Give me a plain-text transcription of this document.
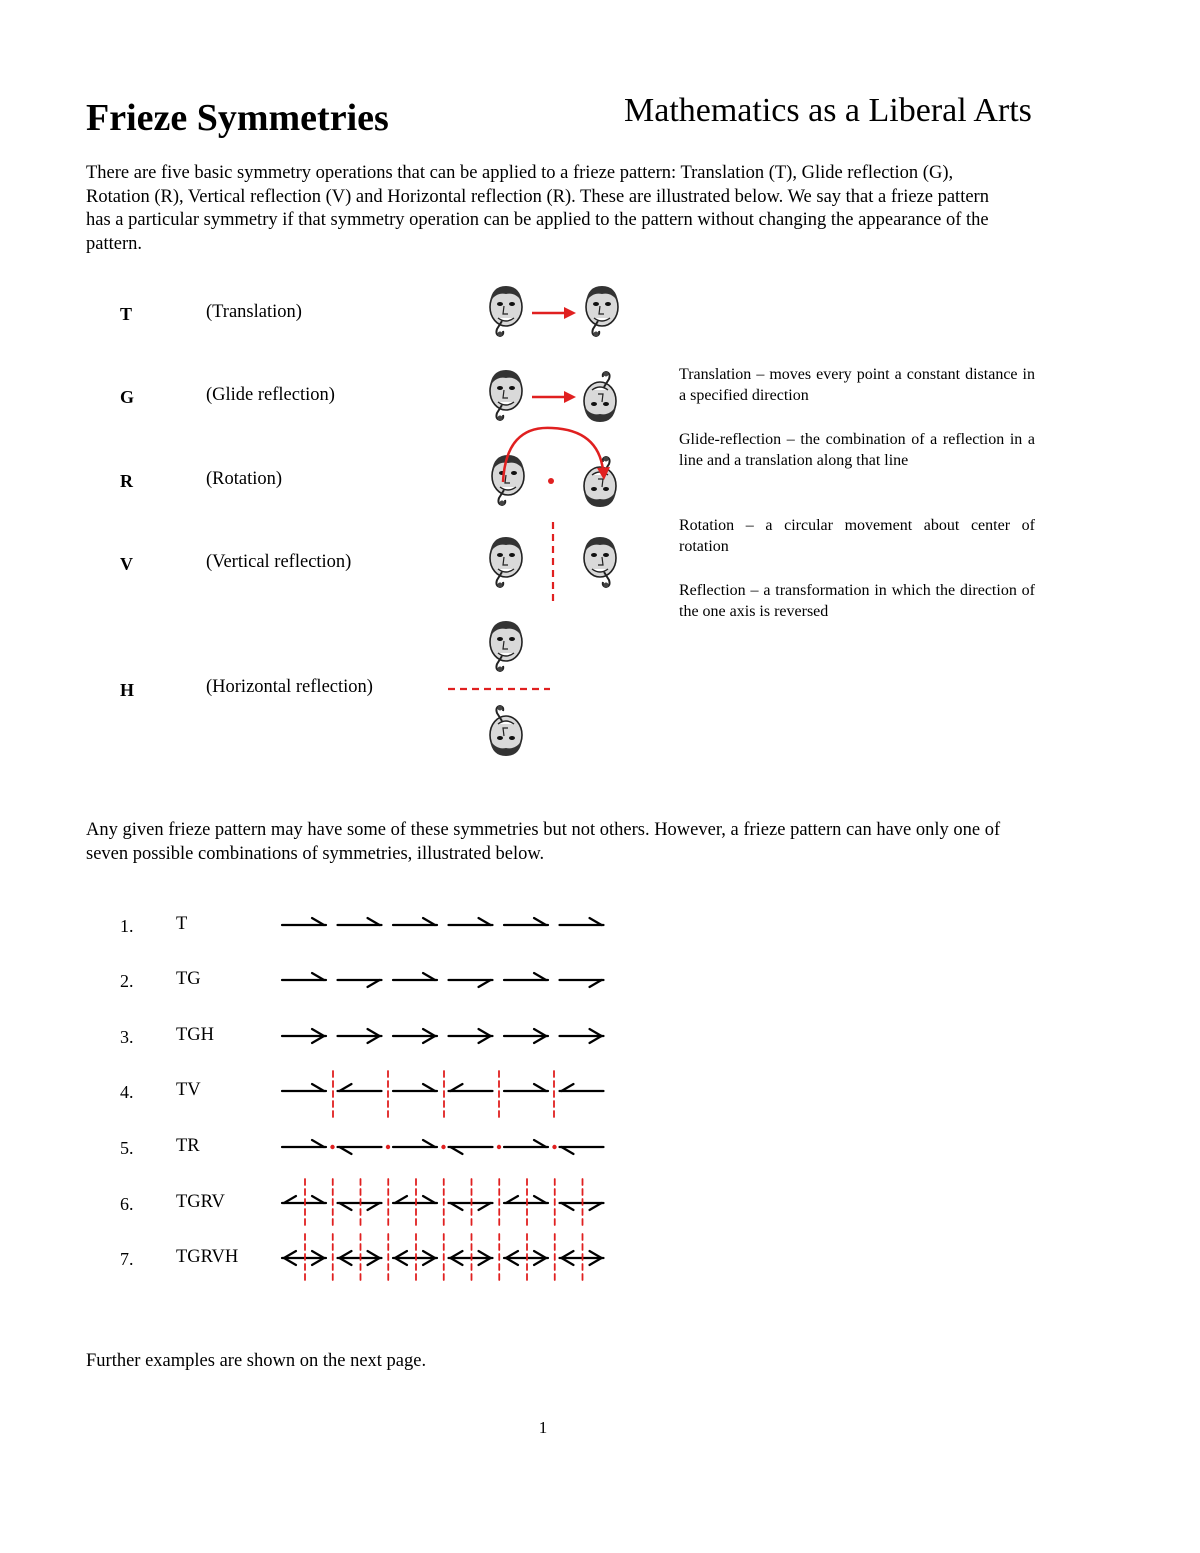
Frieze Symmetries	Mathematics as a Liberal Arts
There are five basic symmetry operations that can be applied to a frieze pattern: Translation (T), Glide reflection (G), Rotation (R), Vertical reflection (V) and Horizontal reflection (R). These are illustrated below. We say that a frieze pattern has a particular symmetry if that symmetry operation can be applied to the pattern without changing the appearance of the pattern.
T	(Translation)
G	(Glide reflection)
R	(Rotation)
V	(Vertical reflection)
H	(Horizontal reflection)
Translation – moves every point a constant distance in a specified direction
Glide-reflection – the combination of a reflection in a line and a translation along that line
Rotation – a circular movement about center of rotation
Reflection – a transformation in which the direction of the one axis is reversed
Any given frieze pattern may have some of these symmetries but not others. However, a frieze pattern can have only one of seven possible combinations of symmetries, illustrated below.
1.	T
2.	TG
3.	TGH
4.	TV
5.	TR
6.	TGRV
7.	TGRVH
Further examples are shown on the next page.
1
